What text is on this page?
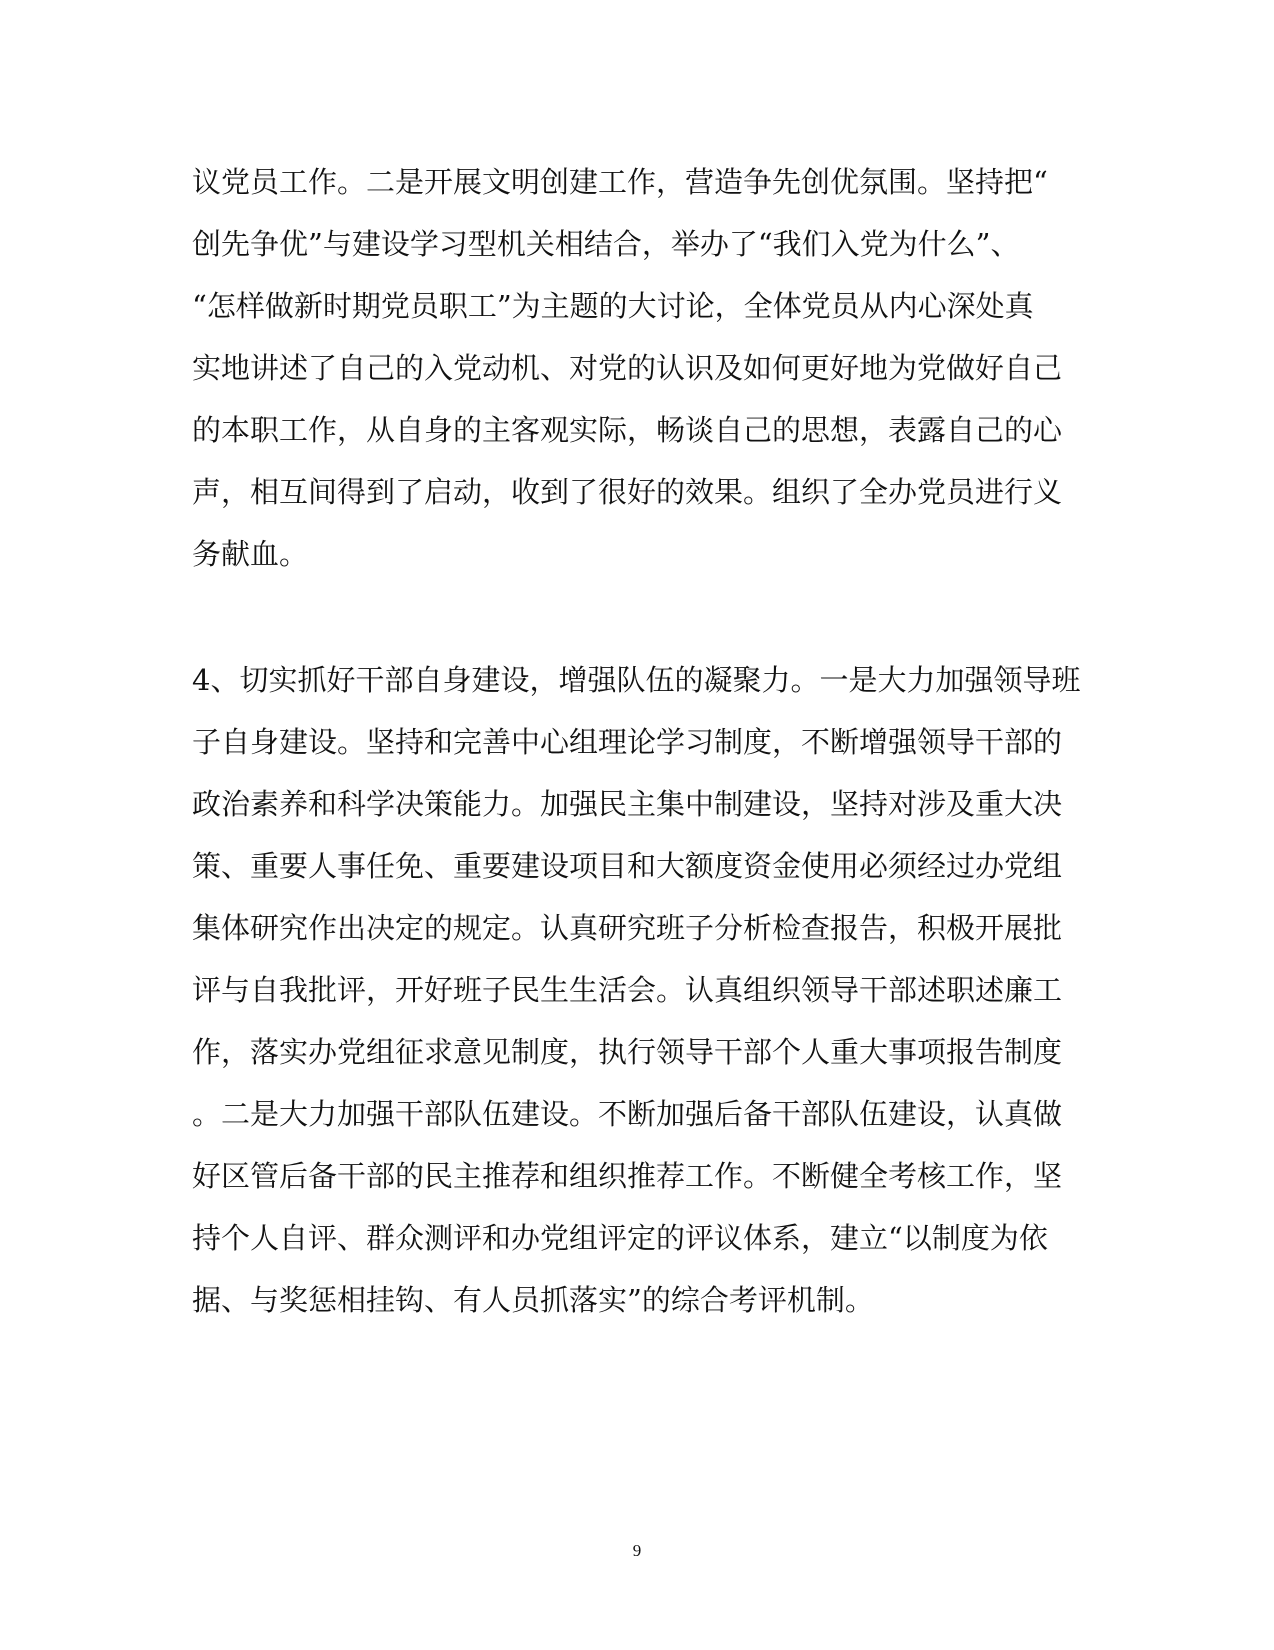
议党员工作。二是开展文明创建工作，营造争先创优氛围。坚持把“

创先争优”与建设学习型机关相结合，举办了“我们入党为什么”、

“怎样做新时期党员职工”为主题的大讨论，全体党员从内心深处真

实地讲述了自己的入党动机、对党的认识及如何更好地为党做好自己

的本职工作，从自身的主客观实际，畅谈自己的思想，表露自己的心

声，相互间得到了启动，收到了很好的效果。组织了全办党员进行义

务献血。

4、切实抓好干部自身建设，增强队伍的凝聚力。一是大力加强领导班

子自身建设。坚持和完善中心组理论学习制度，不断增强领导干部的

政治素养和科学决策能力。加强民主集中制建设，坚持对涉及重大决

策、重要人事任免、重要建设项目和大额度资金使用必须经过办党组

集体研究作出决定的规定。认真研究班子分析检查报告，积极开展批

评与自我批评，开好班子民生生活会。认真组织领导干部述职述廉工

作，落实办党组征求意见制度，执行领导干部个人重大事项报告制度

。二是大力加强干部队伍建设。不断加强后备干部队伍建设，认真做

好区管后备干部的民主推荐和组织推荐工作。不断健全考核工作，坚

持个人自评、群众测评和办党组评定的评议体系，建立“以制度为依

据、与奖惩相挂钩、有人员抓落实”的综合考评机制。

9
